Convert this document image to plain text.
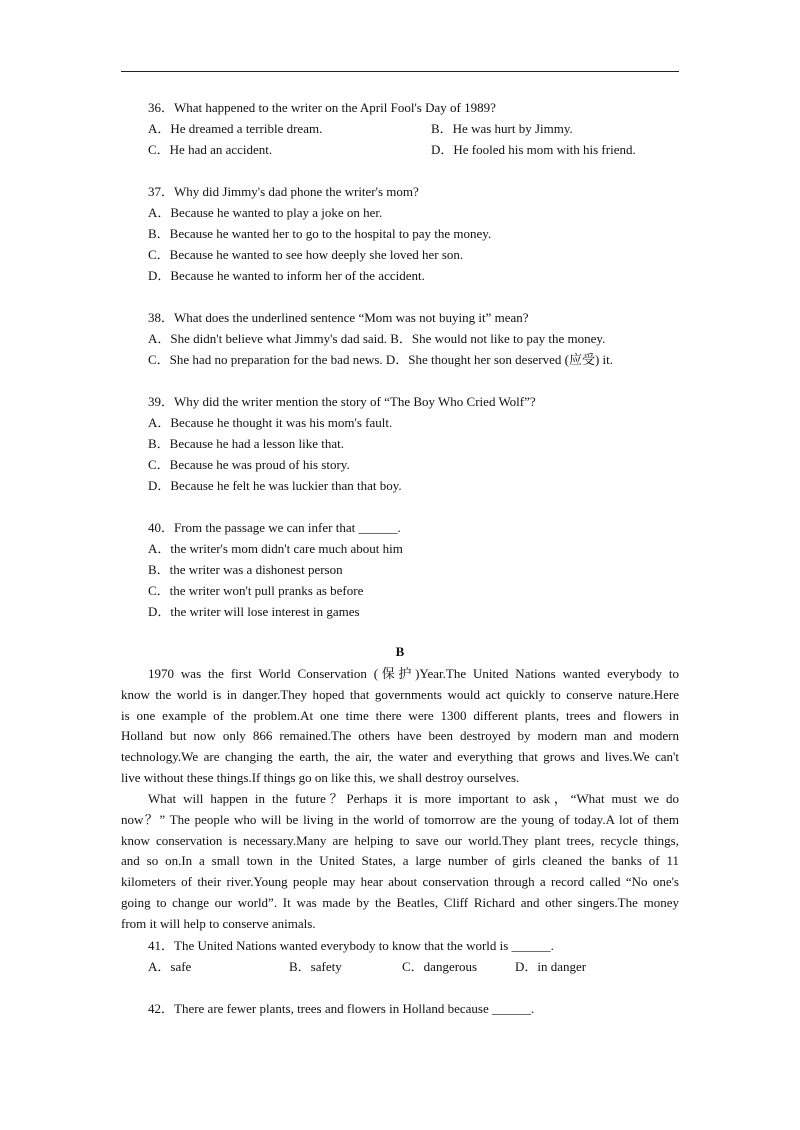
36．What happened to the writer on the April Fool's Day of 1989?
A．He dreamed a terrible dream.	B．He was hurt by Jimmy.
C．He had an accident.	D．He fooled his mom with his friend.
37．Why did Jimmy's dad phone the writer's mom?
A．Because he wanted to play a joke on her.
B．Because he wanted her to go to the hospital to pay the money.
C．Because he wanted to see how deeply she loved her son.
D．Because he wanted to inform her of the accident.
38．What does the underlined sentence “Mom was not buying it” mean?
A．She didn't believe what Jimmy's dad said. B．She would not like to pay the money.
C．She had no preparation for the bad news. D．She thought her son deserved (应受) it.
39．Why did the writer mention the story of “The Boy Who Cried Wolf”?
A．Because he thought it was his mom's fault.
B．Because he had a lesson like that.
C．Because he was proud of his story.
D．Because he felt he was luckier than that boy.
40．From the passage we can infer that ______.
A．the writer's mom didn't care much about him
B．the writer was a dishonest person
C．the writer won't pull pranks as before
D．the writer will lose interest in games
B
1970 was the first World Conservation (保护)Year.The United Nations wanted everybody to
know the world is in danger.They hoped that governments would act quickly to conserve nature.Here
is one example of the problem.At one time there were 1300 different plants, trees and flowers in
Holland but now only 866 remained.The others have been destroyed by modern man and modern
technology.We are changing the earth, the air, the water and everything that grows and lives.We can't
live without these things.If things go on like this, we shall destroy ourselves.
What will happen in the future？Perhaps it is more important to ask，“What must we do
now？” The people who will be living in the world of tomorrow are the young of today.A lot of them
know conservation is necessary.Many are helping to save our world.They plant trees, recycle things,
and so on.In a small town in the United States, a large number of girls cleaned the banks of 11
kilometers of their river.Young people may hear about conservation through a record called “No one's
going to change our world”. It was made by the Beatles, Cliff Richard and other singers.The money
from it will help to conserve animals.
41．The United Nations wanted everybody to know that the world is ______.
A．safe	B．safety	C．dangerous	D．in danger
42．There are fewer plants, trees and flowers in Holland because ______.
